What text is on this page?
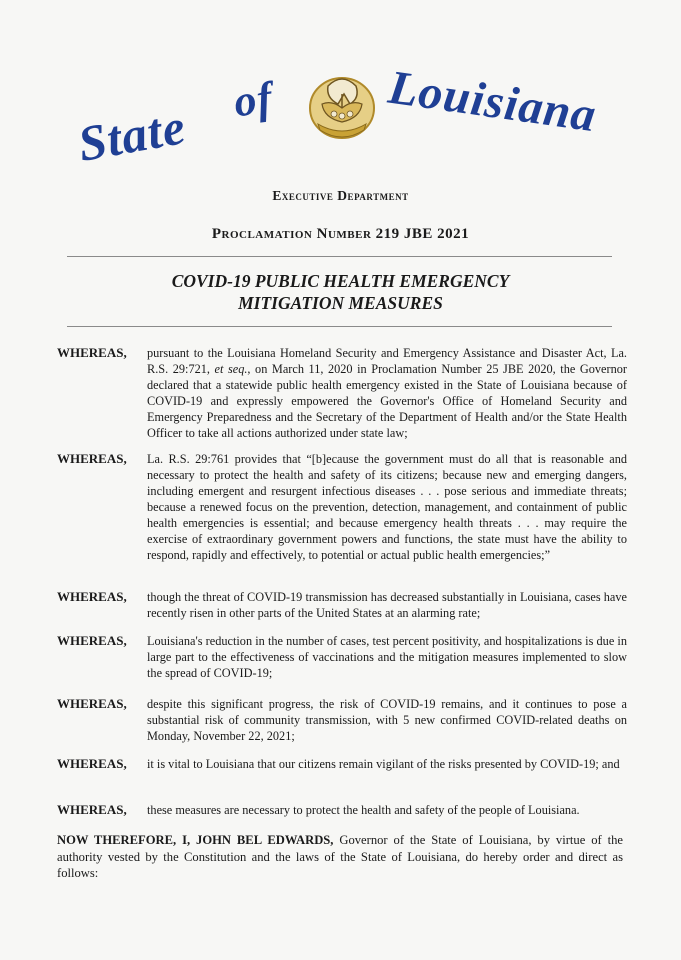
State of Louisiana
Executive Department
Proclamation Number 219 JBE 2021
COVID-19 PUBLIC HEALTH EMERGENCY
MITIGATION MEASURES
WHEREAS, pursuant to the Louisiana Homeland Security and Emergency Assistance and Disaster Act, La. R.S. 29:721, et seq., on March 11, 2020 in Proclamation Number 25 JBE 2020, the Governor declared that a statewide public health emergency existed in the State of Louisiana because of COVID-19 and expressly empowered the Governor's Office of Homeland Security and Emergency Preparedness and the Secretary of the Department of Health and/or the State Health Officer to take all actions authorized under state law;
WHEREAS, La. R.S. 29:761 provides that “[b]ecause the government must do all that is reasonable and necessary to protect the health and safety of its citizens; because new and emerging dangers, including emergent and resurgent infectious diseases . . . pose serious and immediate threats; because a renewed focus on the prevention, detection, management, and containment of public health emergencies is essential; and because emergency health threats . . . may require the exercise of extraordinary government powers and functions, the state must have the ability to respond, rapidly and effectively, to potential or actual public health emergencies;”
WHEREAS, though the threat of COVID-19 transmission has decreased substantially in Louisiana, cases have recently risen in other parts of the United States at an alarming rate;
WHEREAS, Louisiana's reduction in the number of cases, test percent positivity, and hospitalizations is due in large part to the effectiveness of vaccinations and the mitigation measures implemented to slow the spread of COVID-19;
WHEREAS, despite this significant progress, the risk of COVID-19 remains, and it continues to pose a substantial risk of community transmission, with 5 new confirmed COVID-related deaths on Monday, November 22, 2021;
WHEREAS, it is vital to Louisiana that our citizens remain vigilant of the risks presented by COVID-19; and
WHEREAS, these measures are necessary to protect the health and safety of the people of Louisiana.
NOW THEREFORE, I, JOHN BEL EDWARDS, Governor of the State of Louisiana, by virtue of the authority vested by the Constitution and the laws of the State of Louisiana, do hereby order and direct as follows:
